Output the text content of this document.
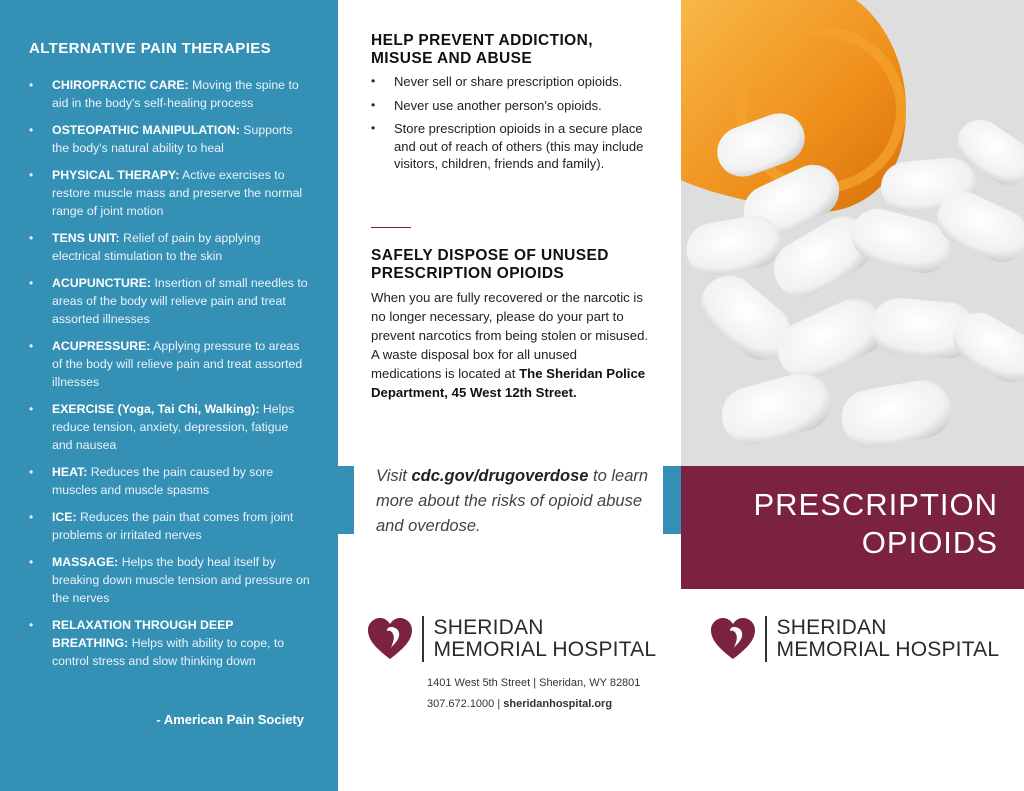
ALTERNATIVE PAIN THERAPIES
• CHIROPRACTIC CARE: Moving the spine to aid in the body's self-healing process
• OSTEOPATHIC MANIPULATION: Supports the body's natural ability to heal
• PHYSICAL THERAPY: Active exercises to restore muscle mass and preserve the normal range of joint motion
• TENS UNIT: Relief of pain by applying electrical stimulation to the skin
• ACUPUNCTURE: Insertion of small needles to areas of the body will relieve pain and treat assorted illnesses
• ACUPRESSURE: Applying pressure to areas of the body will relieve pain and treat assorted illnesses
• EXERCISE (Yoga, Tai Chi, Walking): Helps reduce tension, anxiety, depression, fatigue and nausea
• HEAT: Reduces the pain caused by sore muscles and muscle spasms
• ICE: Reduces the pain that comes from joint problems or irritated nerves
• MASSAGE: Helps the body heal itself by breaking down muscle tension and pressure on the nerves
• RELAXATION THROUGH DEEP BREATHING: Helps with ability to cope, to control stress and slow thinking down
- American Pain Society
HELP PREVENT ADDICTION,
MISUSE AND ABUSE
• Never sell or share prescription opioids.
• Never use another person's opioids.
• Store prescription opioids in a secure place and out of reach of others (this may include visitors, children, friends and family).
SAFELY DISPOSE OF UNUSED
PRESCRIPTION OPIOIDS
When you are fully recovered or the narcotic is no longer necessary, please do your part to prevent narcotics from being stolen or misused. A waste disposal box for all unused medications is located at The Sheridan Police Department, 45 West 12th Street.
Visit cdc.gov/drugoverdose to learn more about the risks of opioid abuse and overdose.
SHERIDAN
MEMORIAL HOSPITAL
1401 West 5th Street | Sheridan, WY 82801
307.672.1000 | sheridanhospital.org
PRESCRIPTION
OPIOIDS
SHERIDAN
MEMORIAL HOSPITAL
